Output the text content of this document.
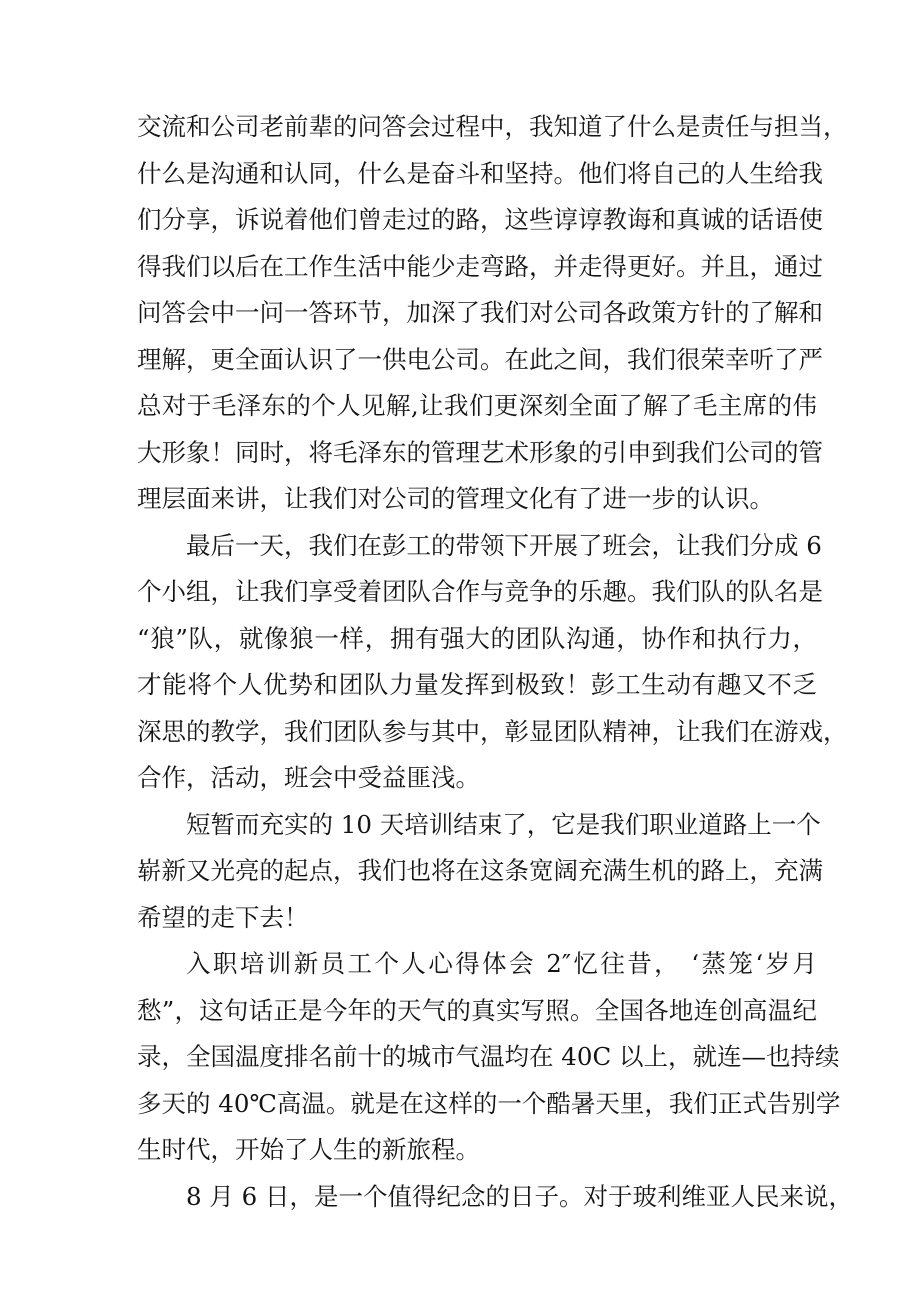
交流和公司老前辈的问答会过程中，我知道了什么是责任与担当，
什么是沟通和认同，什么是奋斗和坚持。他们将自己的人生给我
们分享，诉说着他们曾走过的路，这些谆谆教诲和真诚的话语使
得我们以后在工作生活中能少走弯路，并走得更好。并且，通过
问答会中一问一答环节，加深了我们对公司各政策方针的了解和
理解，更全面认识了一供电公司。在此之间，我们很荣幸听了严
总对于毛泽东的个人见解,让我们更深刻全面了解了毛主席的伟
大形象！同时，将毛泽东的管理艺术形象的引申到我们公司的管
理层面来讲，让我们对公司的管理文化有了进一步的认识。
最后一天，我们在彭工的带领下开展了班会，让我们分成 6
个小组，让我们享受着团队合作与竞争的乐趣。我们队的队名是
“狼”队，就像狼一样，拥有强大的团队沟通，协作和执行力，
才能将个人优势和团队力量发挥到极致！彭工生动有趣又不乏
深思的教学，我们团队参与其中，彰显团队精神，让我们在游戏，
合作，活动，班会中受益匪浅。
短暂而充实的 10 天培训结束了，它是我们职业道路上一个
崭新又光亮的起点，我们也将在这条宽阔充满生机的路上，充满
希望的走下去！
入职培训新员工个人心得体会 2″忆往昔， ‘蒸笼‘岁月
愁”，这句话正是今年的天气的真实写照。全国各地连创高温纪
录，全国温度排名前十的城市气温均在 40C 以上，就连—也持续
多天的 40℃高温。就是在这样的一个酷暑天里，我们正式告别学
生时代，开始了人生的新旅程。
8 月 6 日，是一个值得纪念的日子。对于玻利维亚人民来说，
